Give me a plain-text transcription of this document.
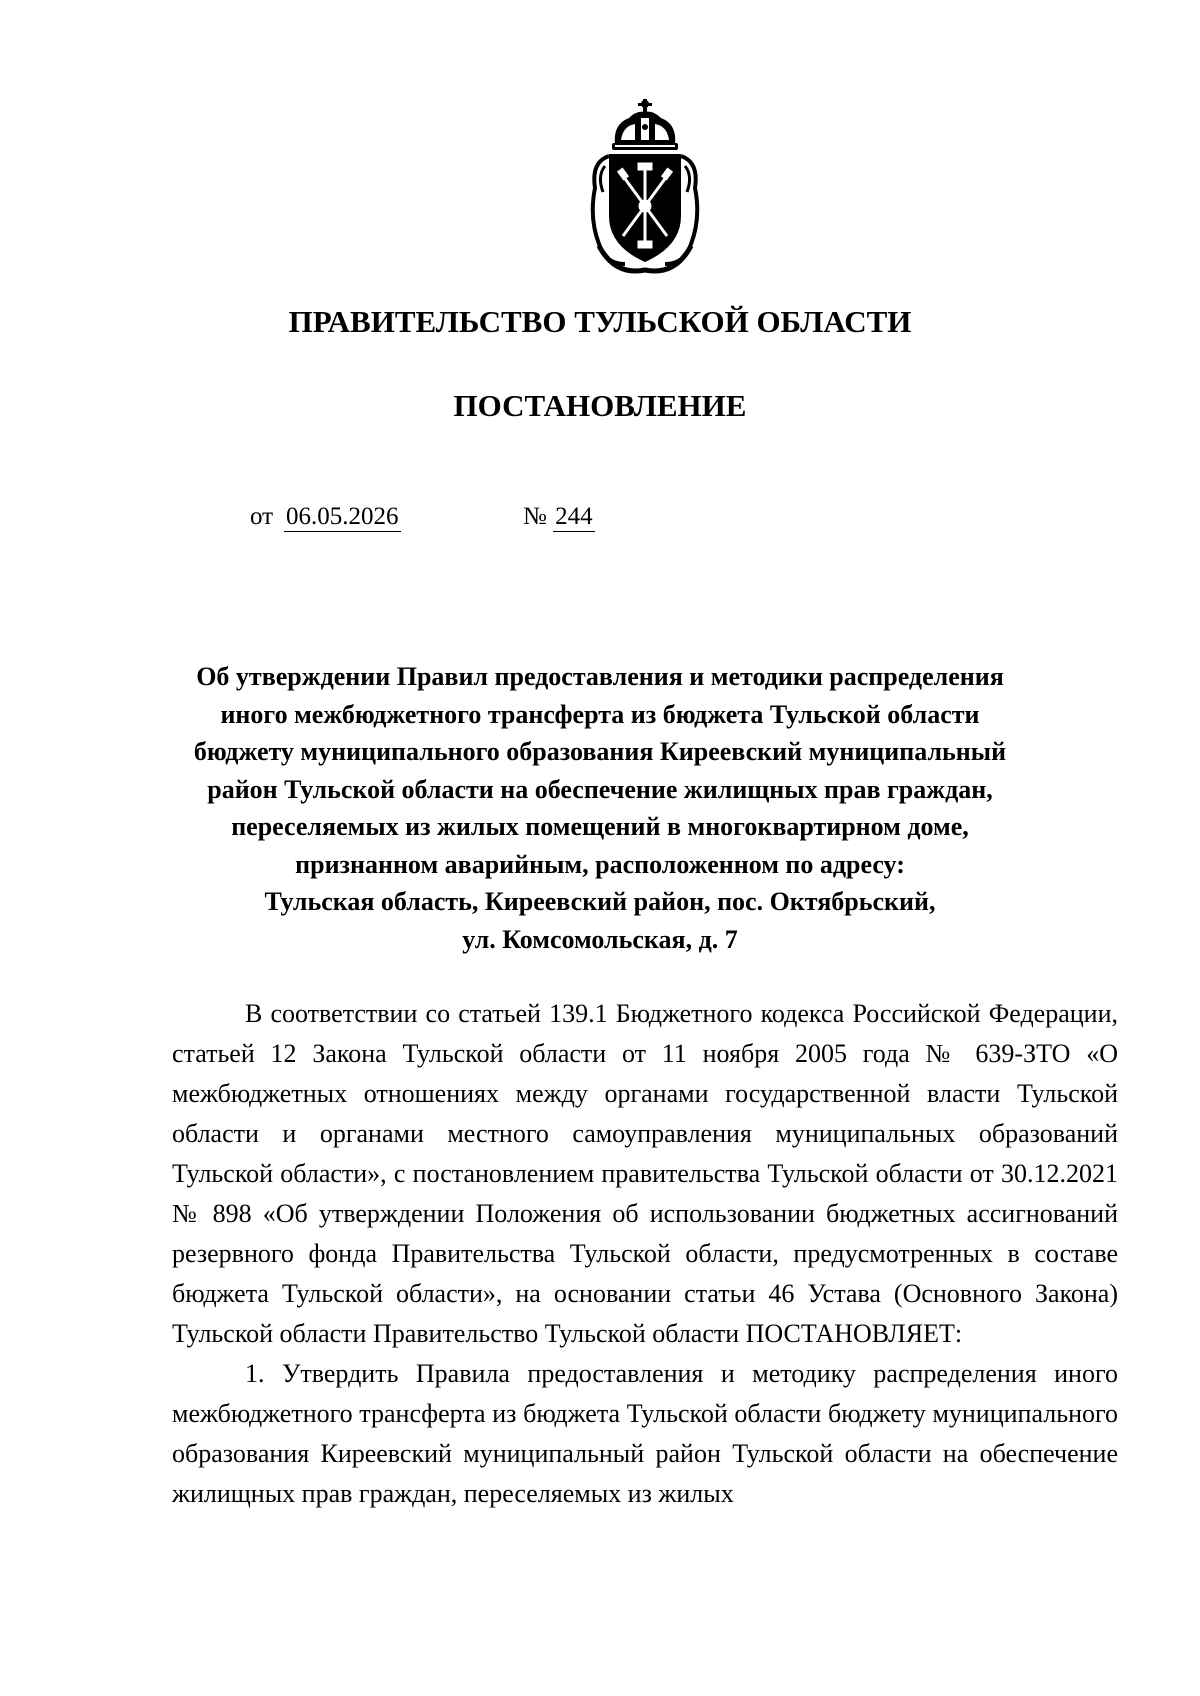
ПРАВИТЕЛЬСТВО ТУЛЬСКОЙ ОБЛАСТИ
ПОСТАНОВЛЕНИЕ
от 06.05.2026	№ 244
Об утверждении Правил предоставления и методики распределения
иного межбюджетного трансферта из бюджета Тульской области
бюджету муниципального образования Киреевский муниципальный
район Тульской области на обеспечение жилищных прав граждан,
переселяемых из жилых помещений в многоквартирном доме,
признанном аварийным, расположенном по адресу:
Тульская область, Киреевский район, пос. Октябрьский,
ул. Комсомольская, д. 7

В соответствии со статьей 139.1 Бюджетного кодекса Российской Федерации, статьей 12 Закона Тульской области от 11 ноября 2005 года № 639-ЗТО «О межбюджетных отношениях между органами государственной власти Тульской области и органами местного самоуправления муниципальных образований Тульской области», с постановлением правительства Тульской области от 30.12.2021 № 898 «Об утверждении Положения об использовании бюджетных ассигнований резервного фонда Правительства Тульской области, предусмотренных в составе бюджета Тульской области», на основании статьи 46 Устава (Основного Закона) Тульской области Правительство Тульской области ПОСТАНОВЛЯЕТ:

1. Утвердить Правила предоставления и методику распределения иного межбюджетного трансферта из бюджета Тульской области бюджету муниципального образования Киреевский муниципальный район Тульской области на обеспечение жилищных прав граждан, переселяемых из жилых
